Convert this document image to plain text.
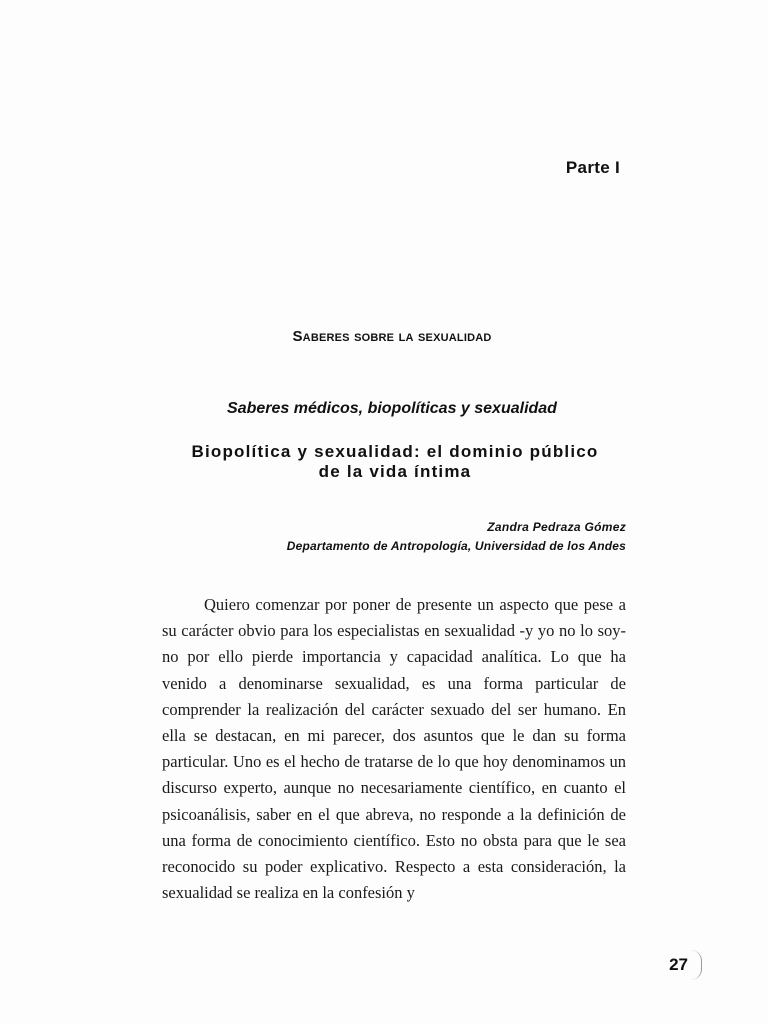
Parte I
Saberes sobre la sexualidad
Saberes médicos, biopolíticas y sexualidad
Biopolítica y sexualidad: el dominio público
de la vida íntima
Zandra Pedraza Gómez
Departamento de Antropología, Universidad de los Andes

Quiero comenzar por poner de presente un aspecto que pese a su carácter obvio para los especialistas en sexualidad -y yo no lo soy- no por ello pierde importancia y capacidad analítica. Lo que ha venido a denominarse sexualidad, es una forma particular de comprender la realización del carácter sexuado del ser humano. En ella se destacan, en mi parecer, dos asuntos que le dan su forma particular. Uno es el hecho de tratarse de lo que hoy denominamos un discurso experto, aunque no necesariamente científico, en cuanto el psicoanálisis, saber en el que abreva, no responde a la definición de una forma de conocimiento científico. Esto no obsta para que le sea reconocido su poder explicativo. Respecto a esta consideración, la sexualidad se realiza en la confesión y

27
